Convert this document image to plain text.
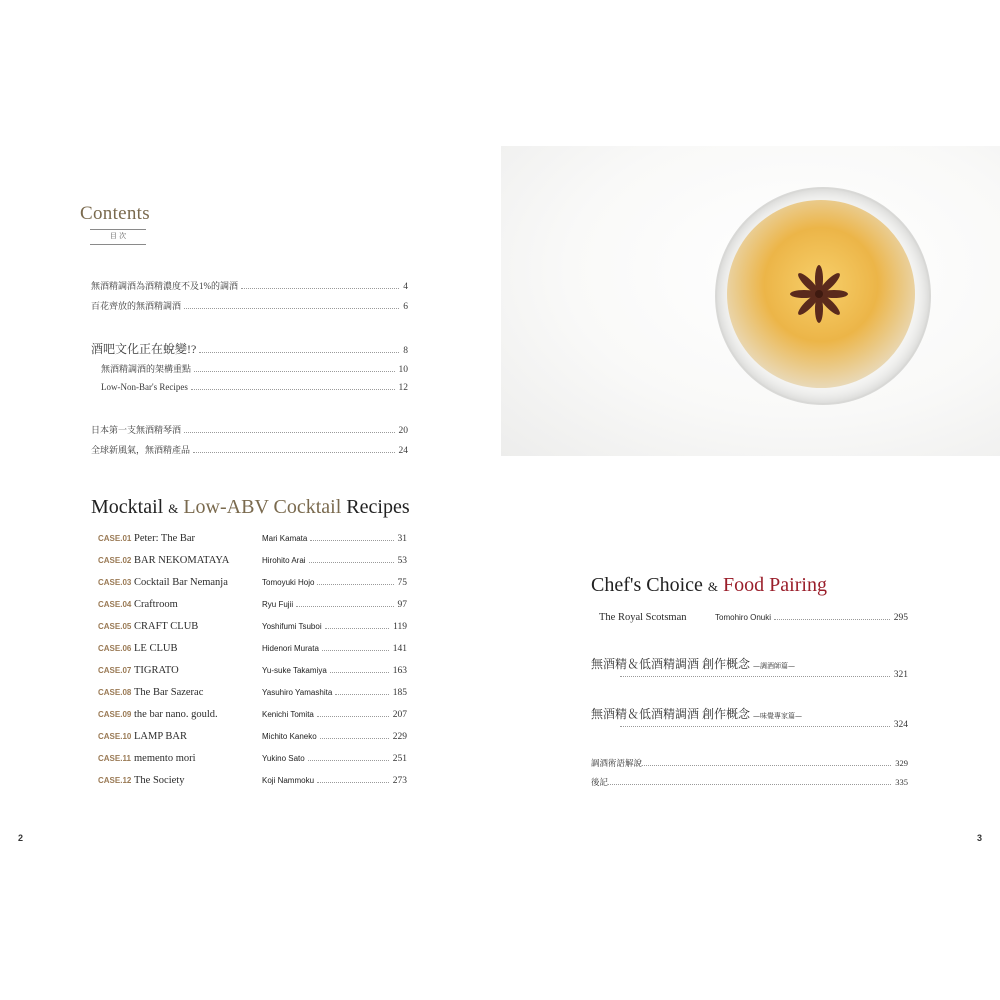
Contents
目 次
無酒精調酒為酒精濃度不及1%的調酒	4
百花齊放的無酒精調酒	6
酒吧文化正在蛻變!?	8
無酒精調酒的架構重點	10
Low-Non-Bar's Recipes	12
日本第一支無酒精琴酒	20
全球新風氣，無酒精產品	24
Mocktail & Low-ABV Cocktail Recipes
CASE.01 Peter: The Bar	Mari Kamata	31
CASE.02 BAR NEKOMATAYA	Hirohito Arai	53
CASE.03 Cocktail Bar Nemanja	Tomoyuki Hojo	75
CASE.04 Craftroom	Ryu Fujii	97
CASE.05 CRAFT CLUB	Yoshifumi Tsuboi	119
CASE.06 LE CLUB	Hidenori Murata	141
CASE.07 TIGRATO	Yu-suke Takamiya	163
CASE.08 The Bar Sazerac	Yasuhiro Yamashita	185
CASE.09 the bar nano. gould.	Kenichi Tomita	207
CASE.10 LAMP BAR	Michito Kaneko	229
CASE.11 memento mori	Yukino Sato	251
CASE.12 The Society	Koji Nammoku	273
Chef's Choice & Food Pairing
The Royal Scotsman	Tomohiro Onuki	295
無酒精＆低酒精調酒 創作概念 —調酒師篇—
321
無酒精＆低酒精調酒 創作概念 —味覺專家篇—
324
調酒術語解說	329
後記	335
2	3
